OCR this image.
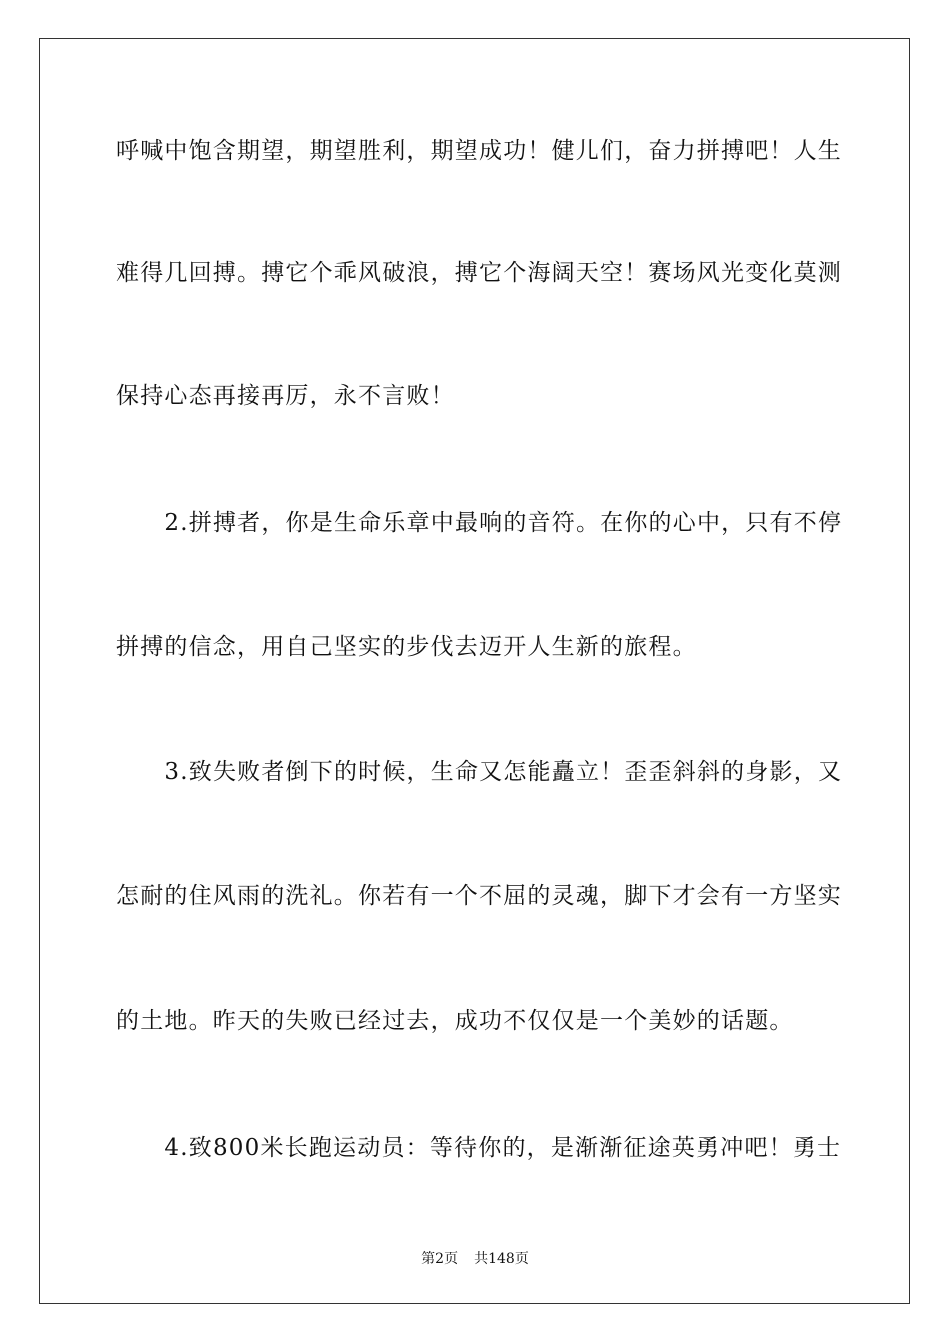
呼喊中饱含期望，期望胜利，期望成功！健儿们，奋力拼搏吧！人生
难得几回搏。搏它个乖风破浪，搏它个海阔天空！赛场风光变化莫测
保持心态再接再厉，永不言败！
　　2.拼搏者，你是生命乐章中最响的音符。在你的心中，只有不停
拼搏的信念，用自己坚实的步伐去迈开人生新的旅程。
　　3.致失败者倒下的时候，生命又怎能矗立！歪歪斜斜的身影，又
怎耐的住风雨的洗礼。你若有一个不屈的灵魂，脚下才会有一方坚实
的土地。昨天的失败已经过去，成功不仅仅是一个美妙的话题。
　　4.致800米长跑运动员：等待你的，是渐渐征途英勇冲吧！勇士
第2页 共148页
